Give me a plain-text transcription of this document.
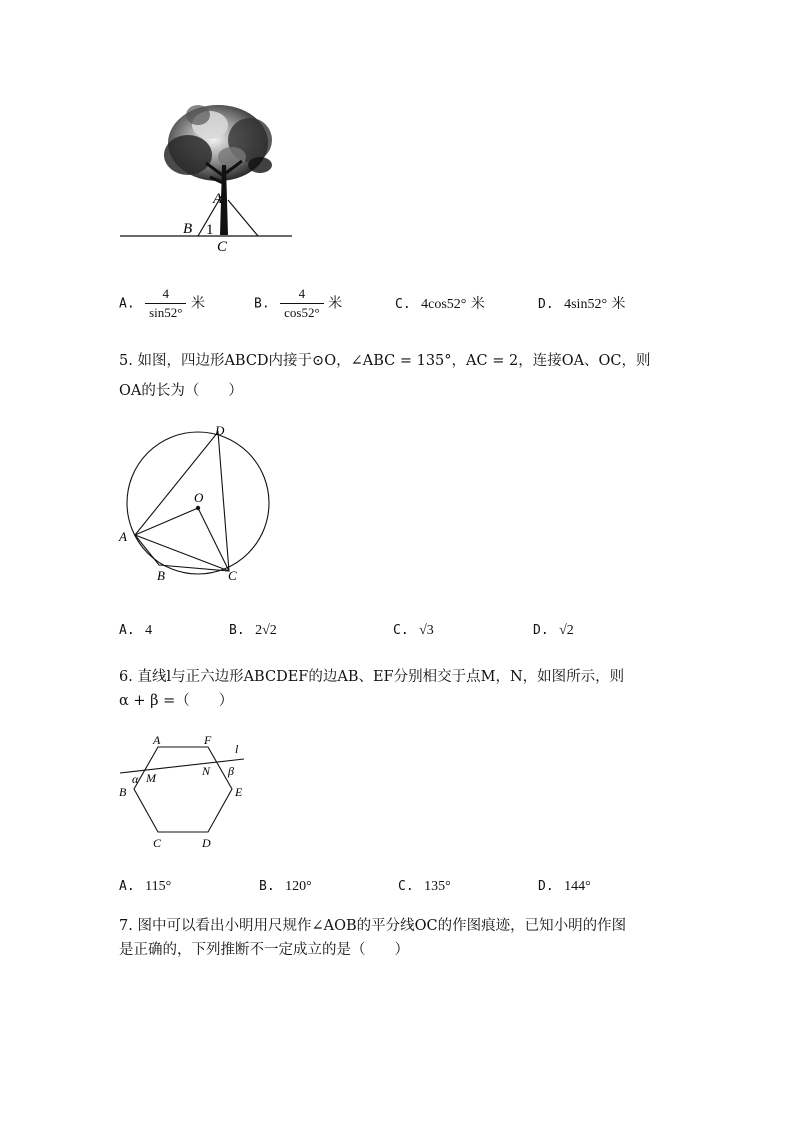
A
B 1
C
A. $\frac{4}{\sin 52^\circ}$ 米	B. $\frac{4}{\cos 52^\circ}$ 米	C. 4cos52° 米	D. 4sin52° 米
5. 如图，四边形ABCD内接于⊙O，∠ABC = 135°，AC = 2，连接OA、OC，则
OA的长为（　　）
D
O
A
B	C
A. 4	B. 2√2	C. √3	D. √2
6. 直线l与正六边形ABCDEF的边AB、EF分别相交于点M，N，如图所示，则
α + β =（　　）
A	F
l
α M	N β
B	E
C	D
A. 115°	B. 120°	C. 135°	D. 144°
7. 图中可以看出小明用尺规作∠AOB的平分线OC的作图痕迹，已知小明的作图
是正确的，下列推断不一定成立的是（　　）
